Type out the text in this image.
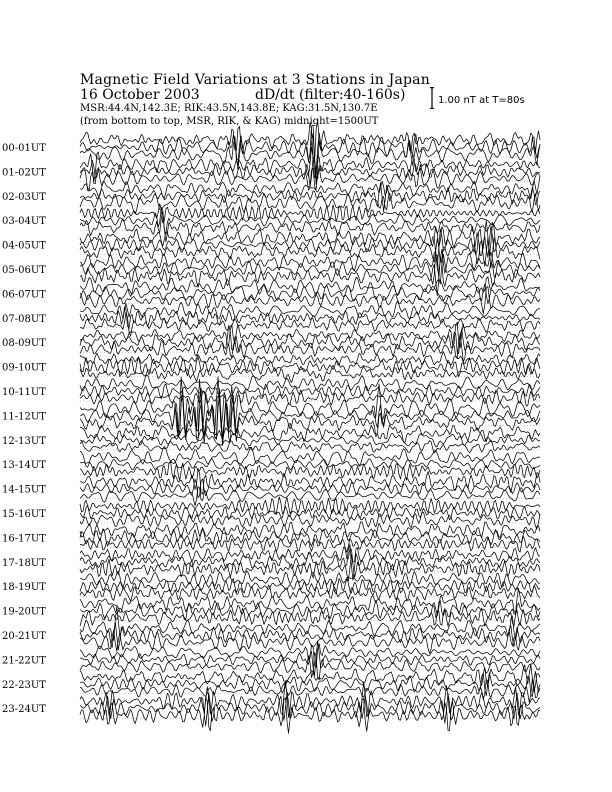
Magnetic Field Variations at 3 Stations in Japan
16 October 2003	dD/dt (filter:40-160s)
MSR:44.4N,142.3E; RIK:43.5N,143.8E; KAG:31.5N,130.7E
(from bottom to top, MSR, RIK, & KAG) midnight=1500UT
1.00 nT at T=80s
00-01UT
01-02UT
02-03UT
03-04UT
04-05UT
05-06UT
06-07UT
07-08UT
08-09UT
09-10UT
10-11UT
11-12UT
12-13UT
13-14UT
14-15UT
15-16UT
16-17UT
17-18UT
18-19UT
19-20UT
20-21UT
21-22UT
22-23UT
23-24UT
